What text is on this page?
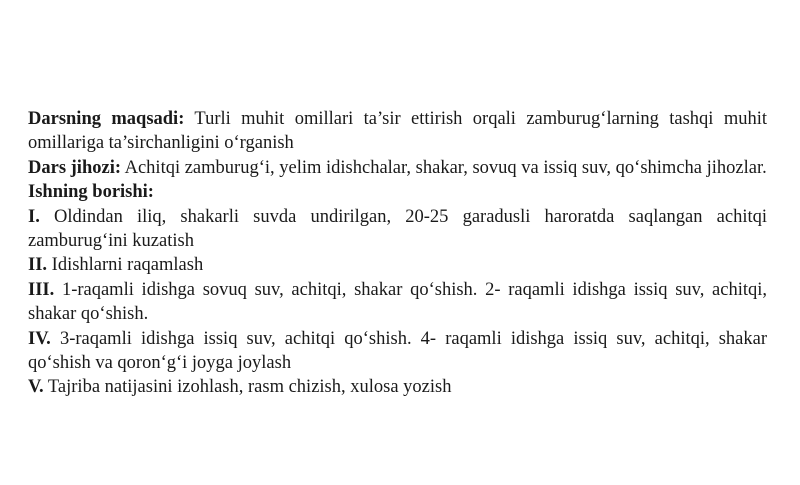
Darsning maqsadi: Turli muhit omillari ta’sir ettirish orqali zamburug‘larning tashqi muhit omillariga ta’sirchanligini o‘rganish

Dars jihozi: Achitqi zamburug‘i, yelim idishchalar, shakar, sovuq va issiq suv, qo‘shimcha jihozlar.

Ishning borishi:

I. Oldindan iliq, shakarli suvda undirilgan, 20-25 garadusli haroratda saqlangan achitqi zamburug‘ini kuzatish

II. Idishlarni raqamlash

III. 1-raqamli idishga sovuq suv, achitqi, shakar qo‘shish. 2- raqamli idishga issiq suv, achitqi, shakar qo‘shish.

IV. 3-raqamli idishga issiq suv, achitqi qo‘shish. 4- raqamli idishga issiq suv, achitqi, shakar qo‘shish va qoron‘g‘i joyga joylash

V. Tajriba natijasini izohlash, rasm chizish, xulosa yozish
